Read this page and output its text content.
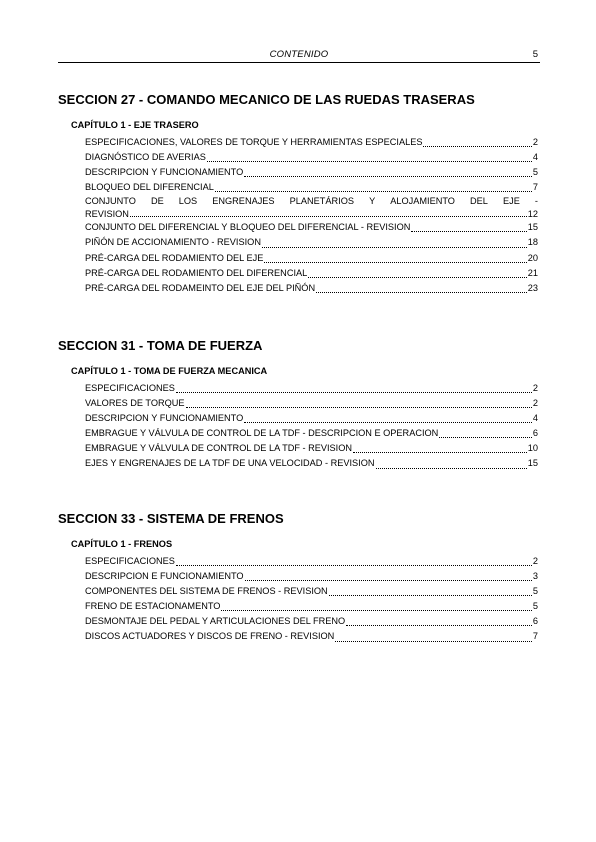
CONTENIDO	5
SECCION 27 - COMANDO MECANICO DE LAS RUEDAS TRASERAS
CAPÍTULO 1 - EJE TRASERO
ESPECIFICACIONES, VALORES DE TORQUE Y HERRAMIENTAS ESPECIALES	2
DIAGNÓSTICO DE AVERIAS	4
DESCRIPCION Y FUNCIONAMIENTO	5
BLOQUEO DEL DIFERENCIAL	7
CONJUNTO DE LOS ENGRENAJES PLANETÁRIOS Y ALOJAMIENTO DEL EJE -
REVISION	12
CONJUNTO DEL DIFERENCIAL Y BLOQUEO DEL DIFERENCIAL - REVISION	15
PIÑÓN DE ACCIONAMIENTO - REVISION	18
PRÉ-CARGA DEL RODAMIENTO DEL EJE	20
PRÉ-CARGA DEL RODAMIENTO DEL DIFERENCIAL	21
PRÉ-CARGA DEL RODAMEINTO DEL EJE DEL PIÑÓN	23
SECCION 31 - TOMA DE FUERZA
CAPÍTULO 1 - TOMA DE FUERZA MECANICA
ESPECIFICACIONES	2
VALORES DE TORQUE	2
DESCRIPCION Y FUNCIONAMIENTO	4
EMBRAGUE Y VÁLVULA DE CONTROL DE LA TDF - DESCRIPCION E OPERACION	6
EMBRAGUE Y VÁLVULA DE CONTROL DE LA TDF - REVISION	10
EJES Y ENGRENAJES DE LA TDF DE UNA VELOCIDAD - REVISION	15
SECCION 33 - SISTEMA DE FRENOS
CAPÍTULO 1 - FRENOS
ESPECIFICACIONES	2
DESCRIPCION E FUNCIONAMIENTO	3
COMPONENTES DEL SISTEMA DE FRENOS - REVISION	5
FRENO DE ESTACIONAMENTO	5
DESMONTAJE DEL PEDAL Y ARTICULACIONES DEL FRENO	6
DISCOS ACTUADORES Y DISCOS DE FRENO - REVISION	7
